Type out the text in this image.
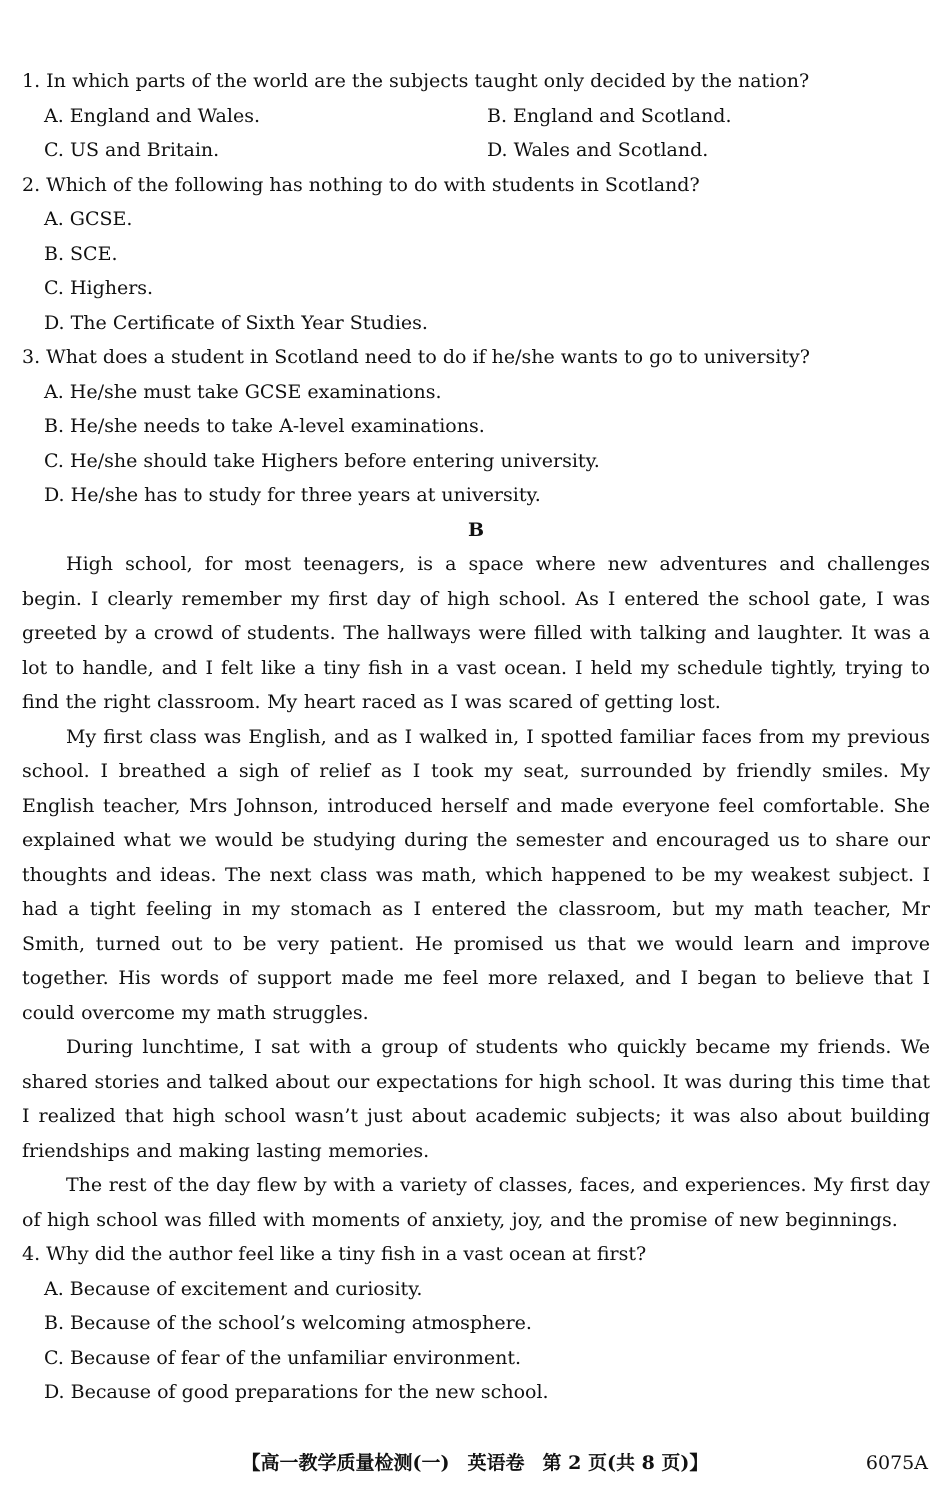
1. In which parts of the world are the subjects taught only decided by the nation?
A. England and Wales.	B. England and Scotland.
C. US and Britain.	D. Wales and Scotland.
2. Which of the following has nothing to do with students in Scotland?
A. GCSE.
B. SCE.
C. Highers.
D. The Certificate of Sixth Year Studies.
3. What does a student in Scotland need to do if he/she wants to go to university?
A. He/she must take GCSE examinations.
B. He/she needs to take A-level examinations.
C. He/she should take Highers before entering university.
D. He/she has to study for three years at university.
B

High school, for most teenagers, is a space where new adventures and challenges begin. I clearly remember my first day of high school. As I entered the school gate, I was greeted by a crowd of students. The hallways were filled with talking and laughter. It was a lot to handle, and I felt like a tiny fish in a vast ocean. I held my schedule tightly, trying to find the right classroom. My heart raced as I was scared of getting lost.

My first class was English, and as I walked in, I spotted familiar faces from my previous school. I breathed a sigh of relief as I took my seat, surrounded by friendly smiles. My English teacher, Mrs Johnson, introduced herself and made everyone feel comfortable. She explained what we would be studying during the semester and encouraged us to share our thoughts and ideas. The next class was math, which happened to be my weakest subject. I had a tight feeling in my stomach as I entered the classroom, but my math teacher, Mr Smith, turned out to be very patient. He promised us that we would learn and improve together. His words of support made me feel more relaxed, and I began to believe that I could overcome my math struggles.

During lunchtime, I sat with a group of students who quickly became my friends. We shared stories and talked about our expectations for high school. It was during this time that I realized that high school wasn’t just about academic subjects; it was also about building friendships and making lasting memories.

The rest of the day flew by with a variety of classes, faces, and experiences. My first day of high school was filled with moments of anxiety, joy, and the promise of new beginnings.

4. Why did the author feel like a tiny fish in a vast ocean at first?
A. Because of excitement and curiosity.
B. Because of the school’s welcoming atmosphere.
C. Because of fear of the unfamiliar environment.
D. Because of good preparations for the new school.
【高一教学质量检测(一) 英语卷 第 2 页(共 8 页)】	6075A
